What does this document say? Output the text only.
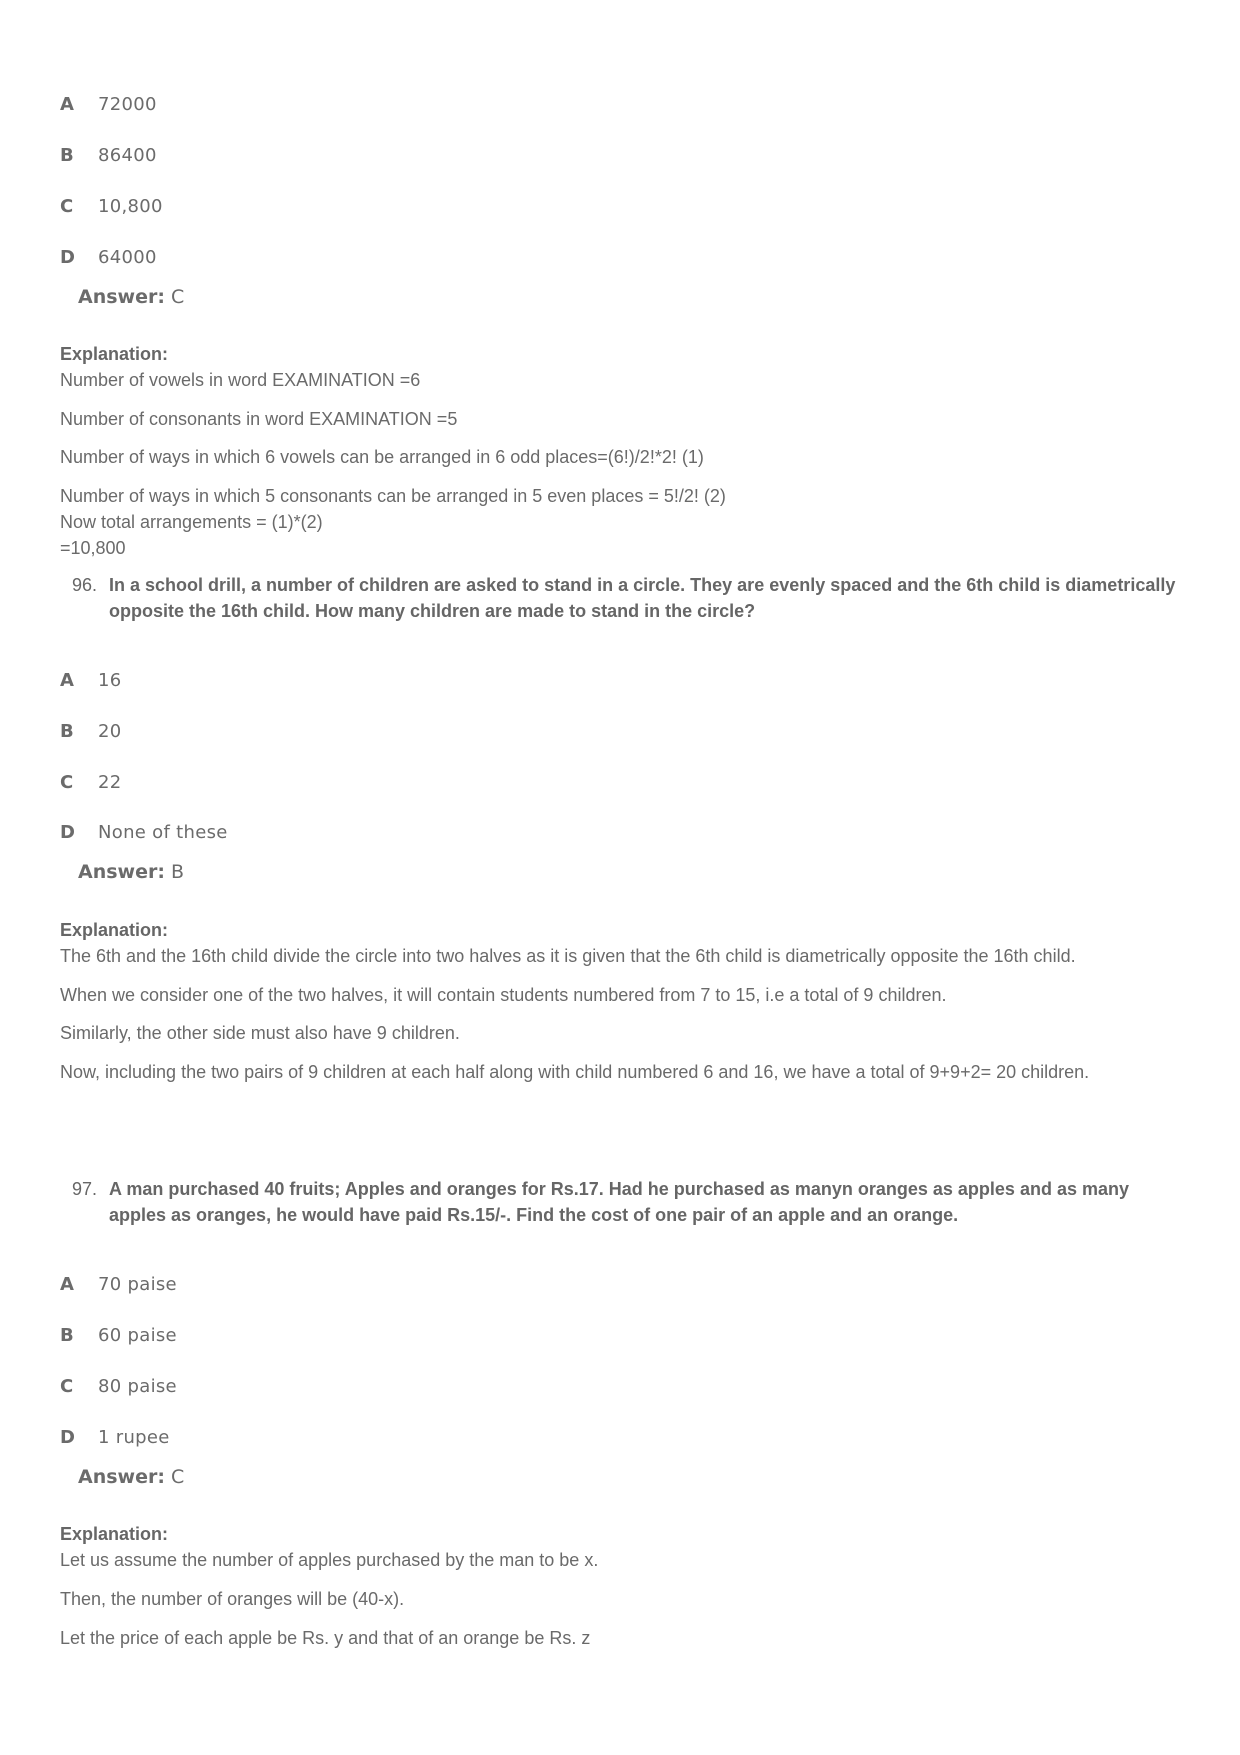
A 72000
B 86400
C 10,800
D 64000
Answer: C
Explanation:
Number of vowels in word EXAMINATION =6
Number of consonants in word EXAMINATION =5
Number of ways in which 6 vowels can be arranged in 6 odd places=(6!)/2!*2! (1)
Number of ways in which 5 consonants can be arranged in 5 even places = 5!/2! (2)
Now total arrangements = (1)*(2)
=10,800
96. In a school drill, a number of children are asked to stand in a circle. They are evenly spaced and the 6th child is diametrically opposite the 16th child. How many children are made to stand in the circle?
A 16
B 20
C 22
D None of these
Answer: B
Explanation:
The 6th and the 16th child divide the circle into two halves as it is given that the 6th child is diametrically opposite the 16th child.
When we consider one of the two halves, it will contain students numbered from 7 to 15, i.e a total of 9 children.
Similarly, the other side must also have 9 children.
Now, including the two pairs of 9 children at each half along with child numbered 6 and 16, we have a total of 9+9+2= 20 children.
97. A man purchased 40 fruits; Apples and oranges for Rs.17. Had he purchased as manyn oranges as apples and as many apples as oranges, he would have paid Rs.15/-. Find the cost of one pair of an apple and an orange.
A 70 paise
B 60 paise
C 80 paise
D 1 rupee
Answer: C
Explanation:
Let us assume the number of apples purchased by the man to be x.
Then, the number of oranges will be (40-x).
Let the price of each apple be Rs. y and that of an orange be Rs. z
